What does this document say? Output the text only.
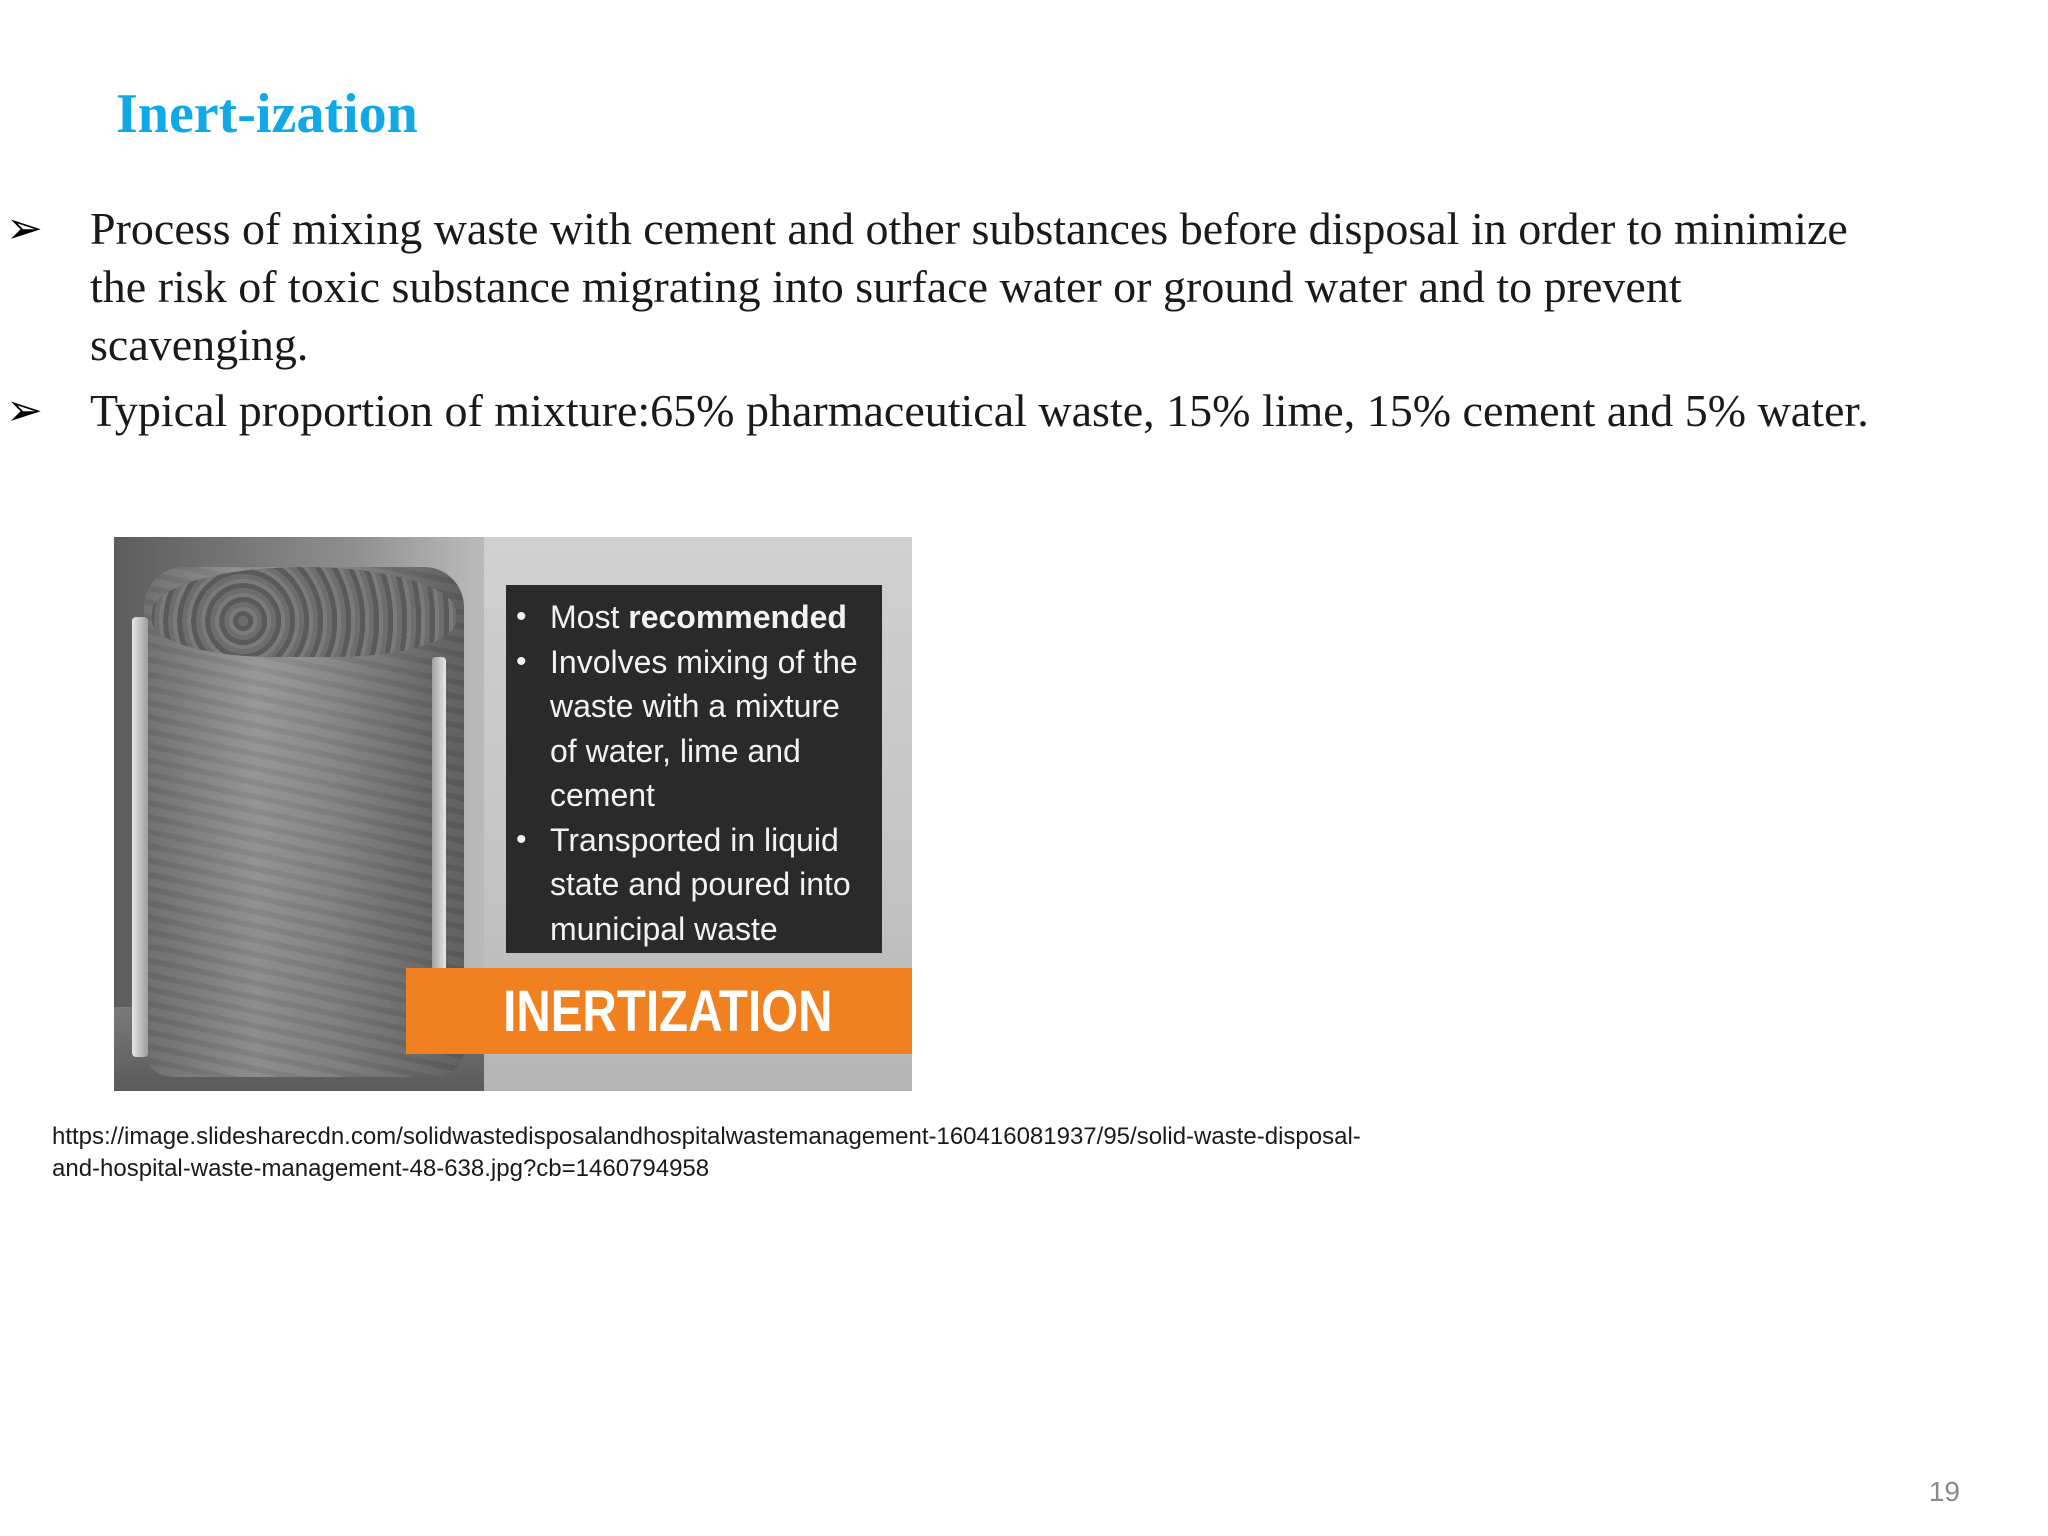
Inert-ization
➢ Process of mixing waste with cement and other substances before disposal in order to minimize the risk of toxic substance migrating into surface water or ground water and to prevent scavenging.
➢ Typical proportion of mixture:65% pharmaceutical waste, 15% lime, 15% cement and 5% water.
• Most recommended
• Involves mixing of the waste with a mixture of water, lime and cement
• Transported in liquid state and poured into municipal waste
INERTIZATION
https://image.slidesharecdn.com/solidwastedisposalandhospitalwastemanagement-160416081937/95/solid-waste-disposal-
and-hospital-waste-management-48-638.jpg?cb=1460794958
19
